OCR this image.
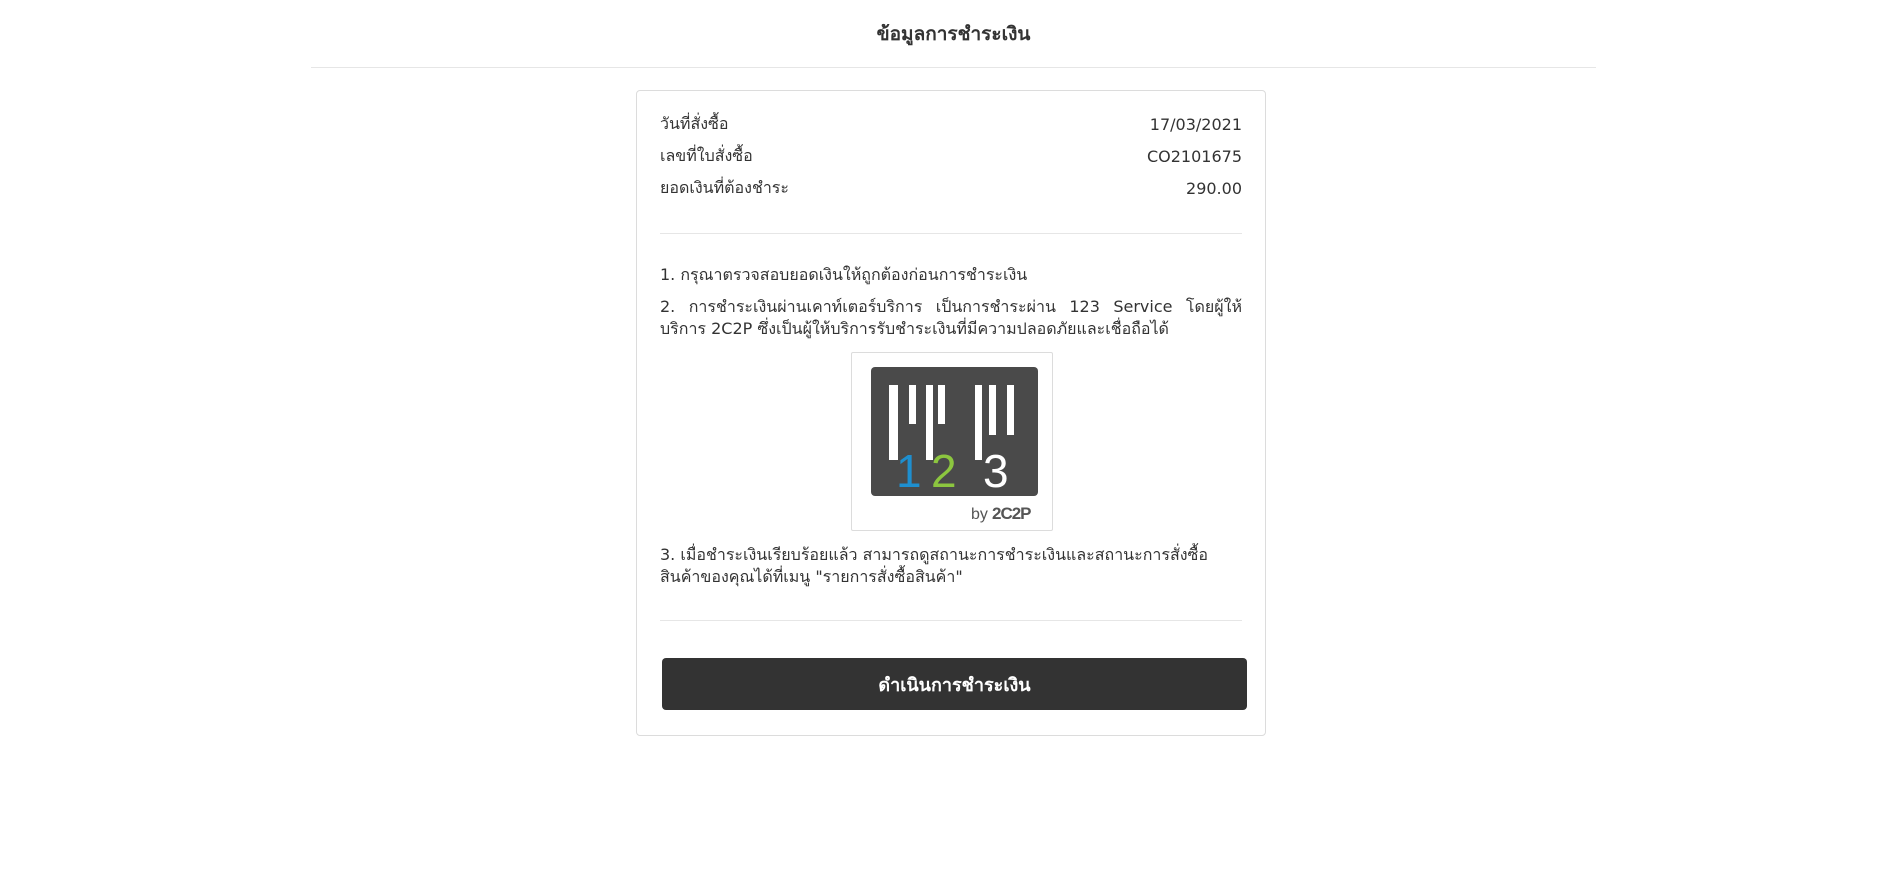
ข้อมูลการชำระเงิน
วันที่สั่งซื้อ	17/03/2021
เลขที่ใบสั่งซื้อ	CO2101675
ยอดเงินที่ต้องชำระ	290.00
1. กรุณาตรวจสอบยอดเงินให้ถูกต้องก่อนการชำระเงิน
2. การชำระเงินผ่านเคาท์เตอร์บริการ เป็นการชำระผ่าน 123 Service โดยผู้ให้บริการ 2C2P ซึ่งเป็นผู้ให้บริการรับชำระเงินที่มีความปลอดภัยและเชื่อถือได้
1 2 3
by 2C2P
3. เมื่อชำระเงินเรียบร้อยแล้ว สามารถดูสถานะการชำระเงินและสถานะการสั่งซื้อสินค้าของคุณได้ที่เมนู "รายการสั่งซื้อสินค้า"
ดำเนินการชำระเงิน
